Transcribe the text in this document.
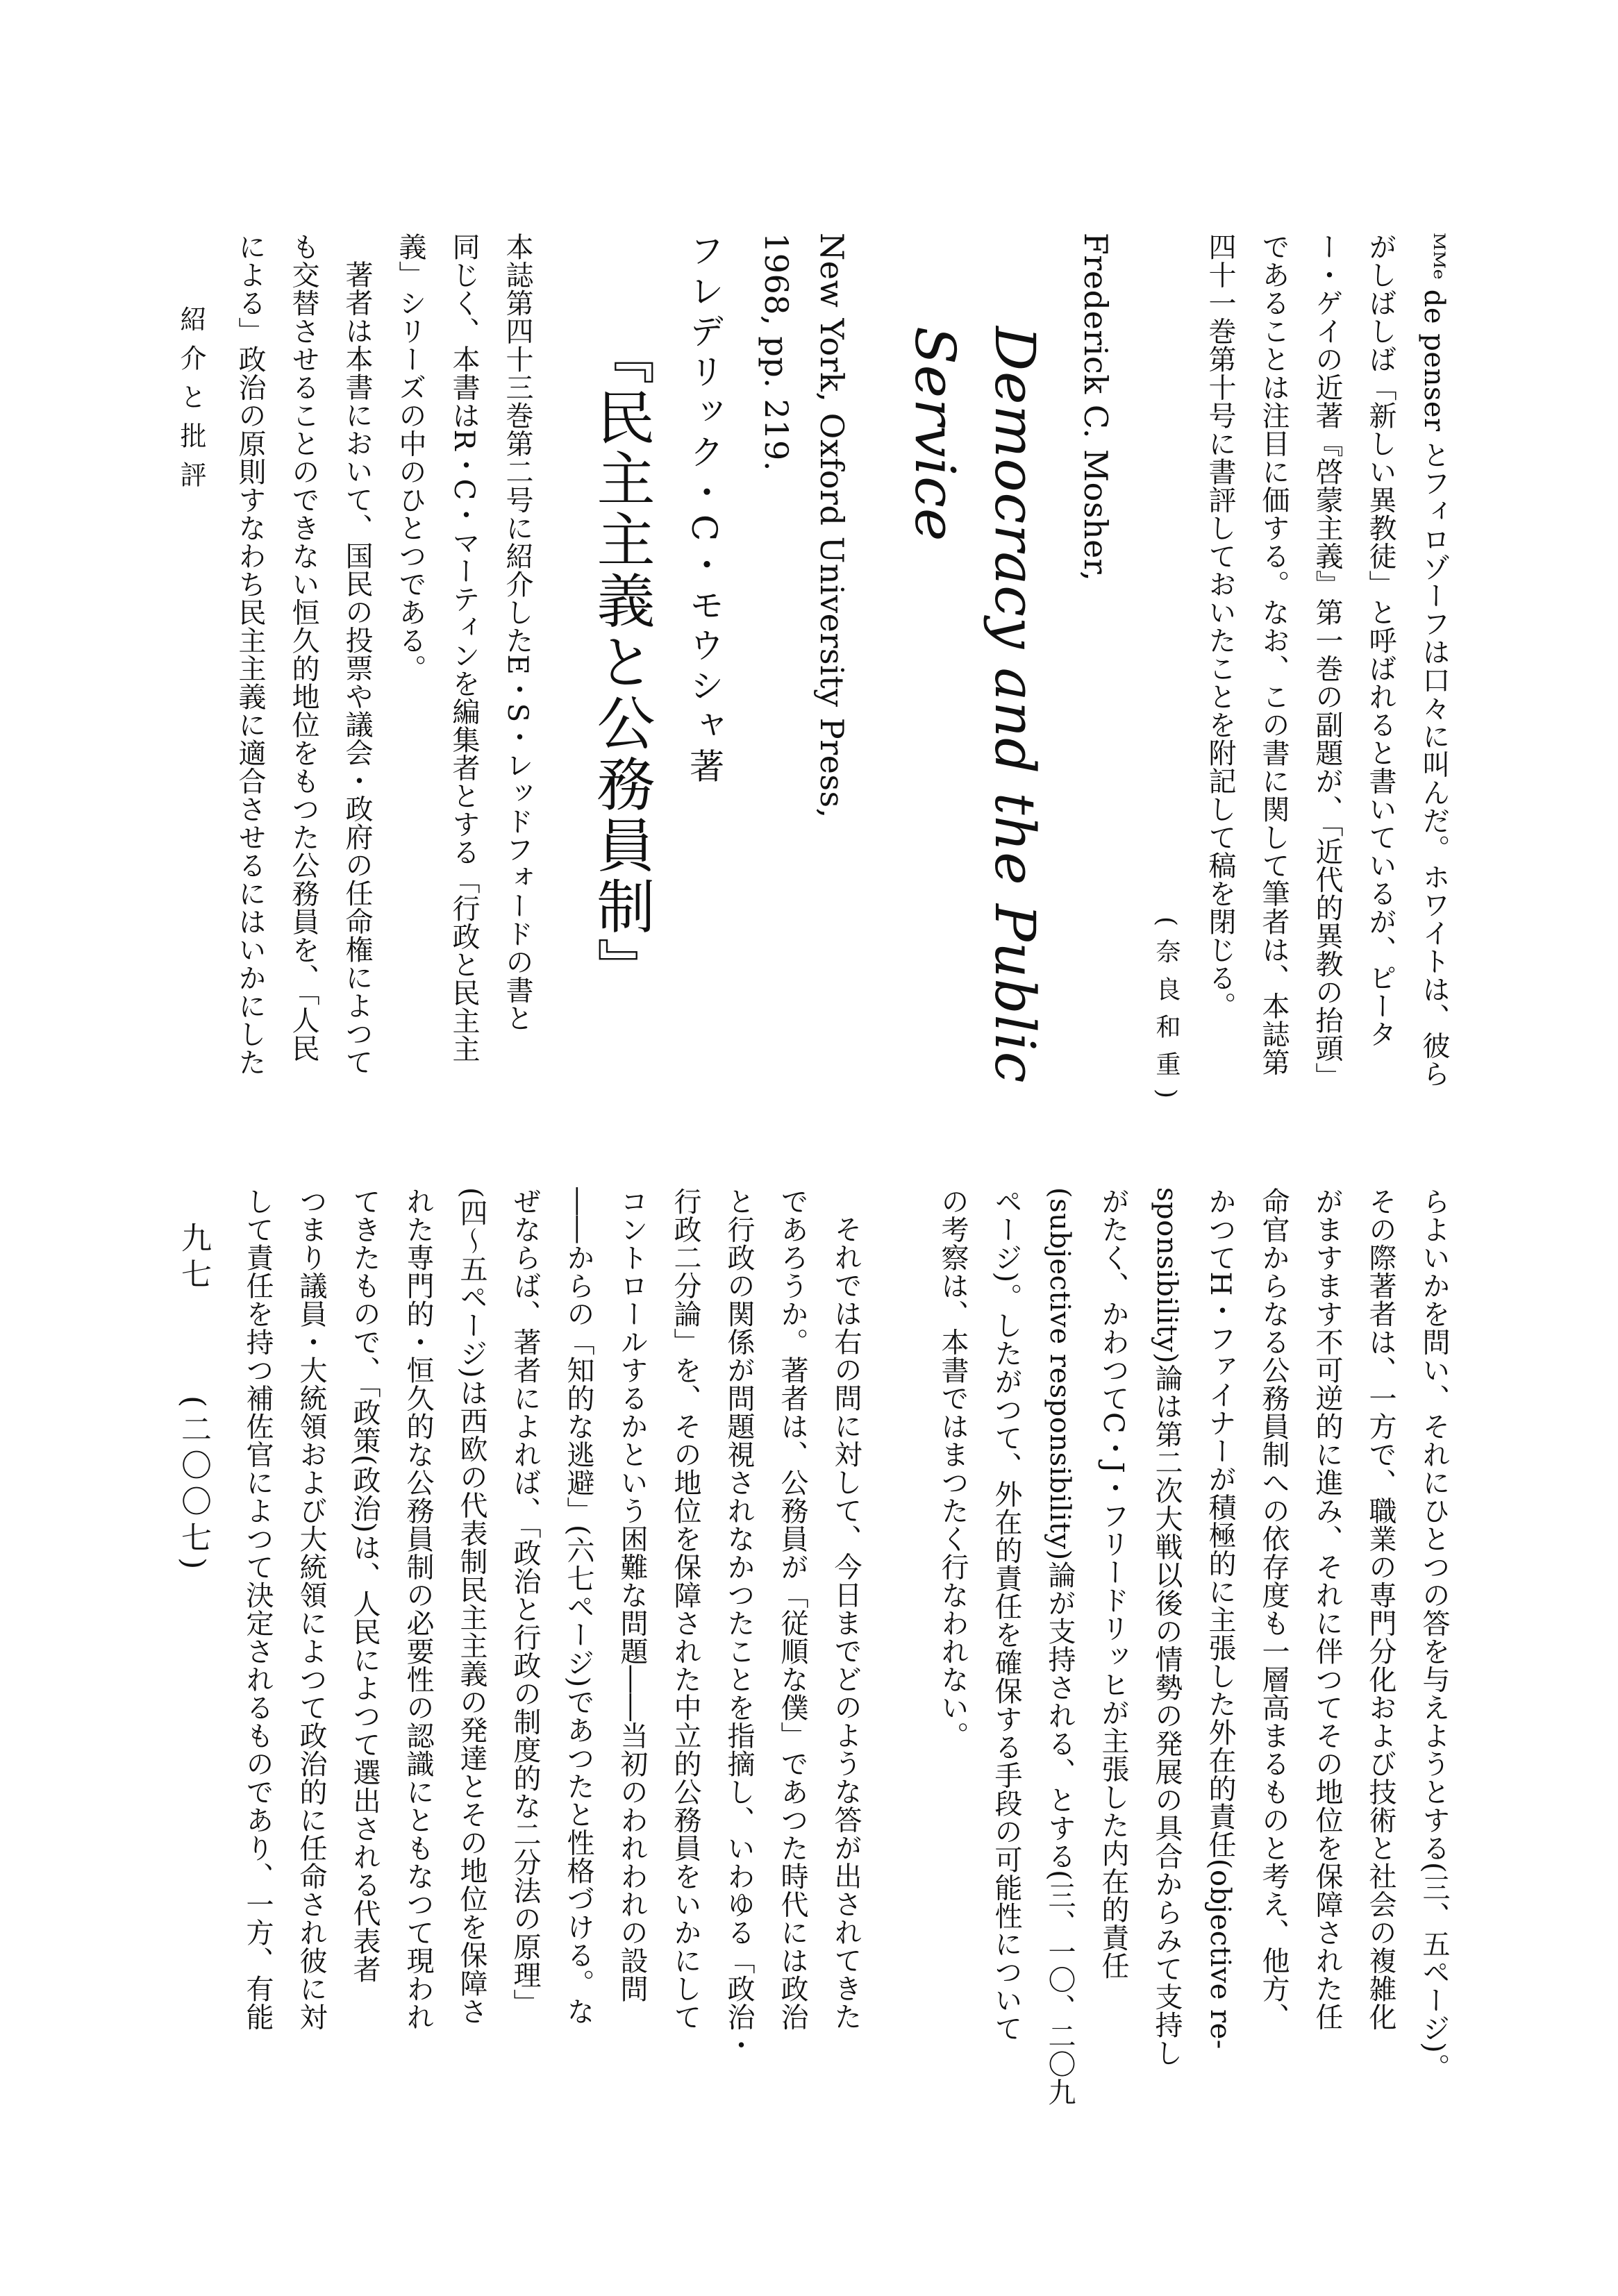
ᴹᴹᵉ de penser とフィロゾーフは口々に叫んだ。ホワイトは、彼ら
がしばしば「新しい異教徒」と呼ばれると書いているが、ピータ
ー・ゲイの近著『啓蒙主義』第一巻の副題が、「近代的異教の抬頭」
であることは注目に価する。なお、この書に関して筆者は、本誌第
四十一巻第十号に書評しておいたことを附記して稿を閉じる。
(奈良和重)
Frederick C. Mosher,
Democracy and the Public
Service
New York, Oxford University Press,
1968, pp. 219.
フレデリック・C・モウシャ著
『民主主義と公務員制』
本誌第四十三巻第二号に紹介したE・S・レッドフォードの書と
同じく、本書はR・C・マーティンを編集者とする「行政と民主主
義」シリーズの中のひとつである。
著者は本書において、国民の投票や議会・政府の任命権によつて
も交替させることのできない恒久的地位をもつた公務員を、「人民
による」政治の原則すなわち民主主義に適合させるにはいかにした
紹介と批評
らよいかを問い、それにひとつの答を与えようとする(三、五ページ)。
その際著者は、一方で、職業の専門分化および技術と社会の複雑化
がますます不可逆的に進み、それに伴つてその地位を保障された任
命官からなる公務員制への依存度も一層高まるものと考え、他方、
かつてH・ファイナーが積極的に主張した外在的責任(objective re-
sponsibility)論は第二次大戦以後の情勢の発展の具合からみて支持し
がたく、かわつてC・J・フリードリッヒが主張した内在的責任
(subjective responsibility)論が支持される、とする(三、一〇、二〇九
ページ)。したがつて、外在的責任を確保する手段の可能性について
の考察は、本書ではまつたく行なわれない。
それでは右の問に対して、今日までどのような答が出されてきた
であろうか。著者は、公務員が「従順な僕」であつた時代には政治
と行政の関係が問題視されなかつたことを指摘し、いわゆる「政治・
行政二分論」を、その地位を保障された中立的公務員をいかにして
コントロールするかという困難な問題――当初のわれわれの設問
――からの「知的な逃避」(六七ページ)であつたと性格づける。な
ぜならば、著者によれば、「政治と行政の制度的な二分法の原理」
(四～五ページ)は西欧の代表制民主主義の発達とその地位を保障さ
れた専門的・恒久的な公務員制の必要性の認識にともなつて現われ
てきたもので、「政策(政治)は、人民によつて選出される代表者
つまり議員・大統領および大統領によつて政治的に任命され彼に対
して責任を持つ補佐官によつて決定されるものであり、一方、有能
九七
(二〇〇七)
